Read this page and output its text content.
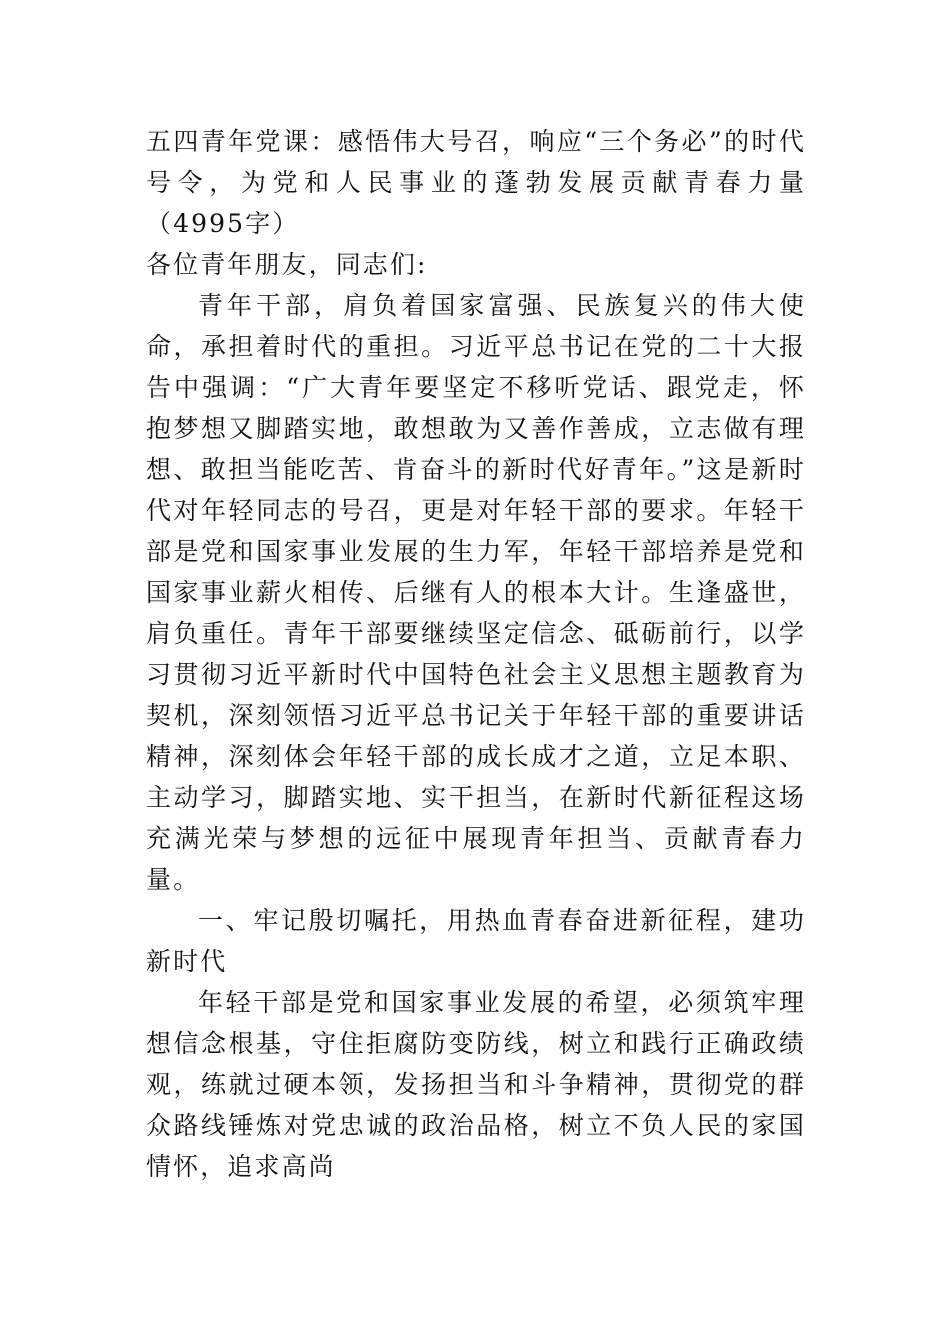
五四青年党课：感悟伟大号召，响应“三个务必”的时代号令，为党和人民事业的蓬勃发展贡献青春力量（4995字）

各位青年朋友，同志们:

青年干部，肩负着国家富强、民族复兴的伟大使命，承担着时代的重担。习近平总书记在党的二十大报告中强调：“广大青年要坚定不移听党话、跟党走，怀抱梦想又脚踏实地，敢想敢为又善作善成，立志做有理想、敢担当能吃苦、肯奋斗的新时代好青年。”这是新时代对年轻同志的号召，更是对年轻干部的要求。年轻干部是党和国家事业发展的生力军，年轻干部培养是党和国家事业薪火相传、后继有人的根本大计。生逢盛世，肩负重任。青年干部要继续坚定信念、砥砺前行，以学习贯彻习近平新时代中国特色社会主义思想主题教育为契机，深刻领悟习近平总书记关于年轻干部的重要讲话精神，深刻体会年轻干部的成长成才之道，立足本职、主动学习，脚踏实地、实干担当，在新时代新征程这场充满光荣与梦想的远征中展现青年担当、贡献青春力量。

一、牢记殷切嘱托，用热血青春奋进新征程，建功新时代

年轻干部是党和国家事业发展的希望，必须筑牢理想信念根基，守住拒腐防变防线，树立和践行正确政绩观，练就过硬本领，发扬担当和斗争精神，贯彻党的群众路线锤炼对党忠诚的政治品格，树立不负人民的家国情怀，追求高尚
